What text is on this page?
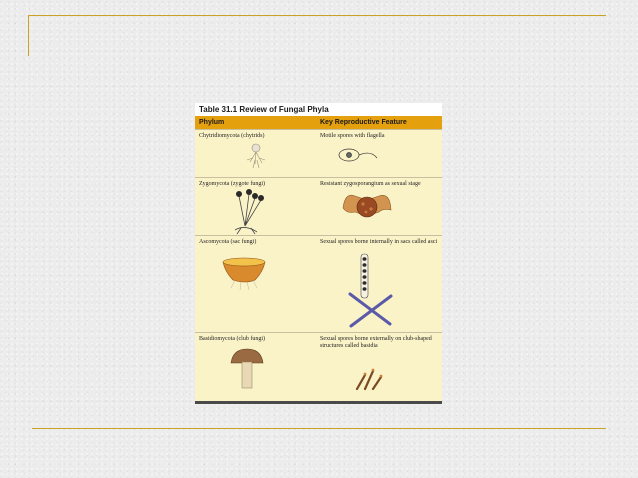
Table 31.1 Review of Fungal Phyla
Phylum	Key Reproductive Feature
Chytridiomycota (chytrids)	Motile spores with flagella
Zygomycota (zygote fungi)	Resistant zygosporangium as sexual stage
Ascomycota (sac fungi)	Sexual spores borne internally in sacs called asci
Basidiomycota (club fungi)	Sexual spores borne externally on club-shaped structures called basidia
